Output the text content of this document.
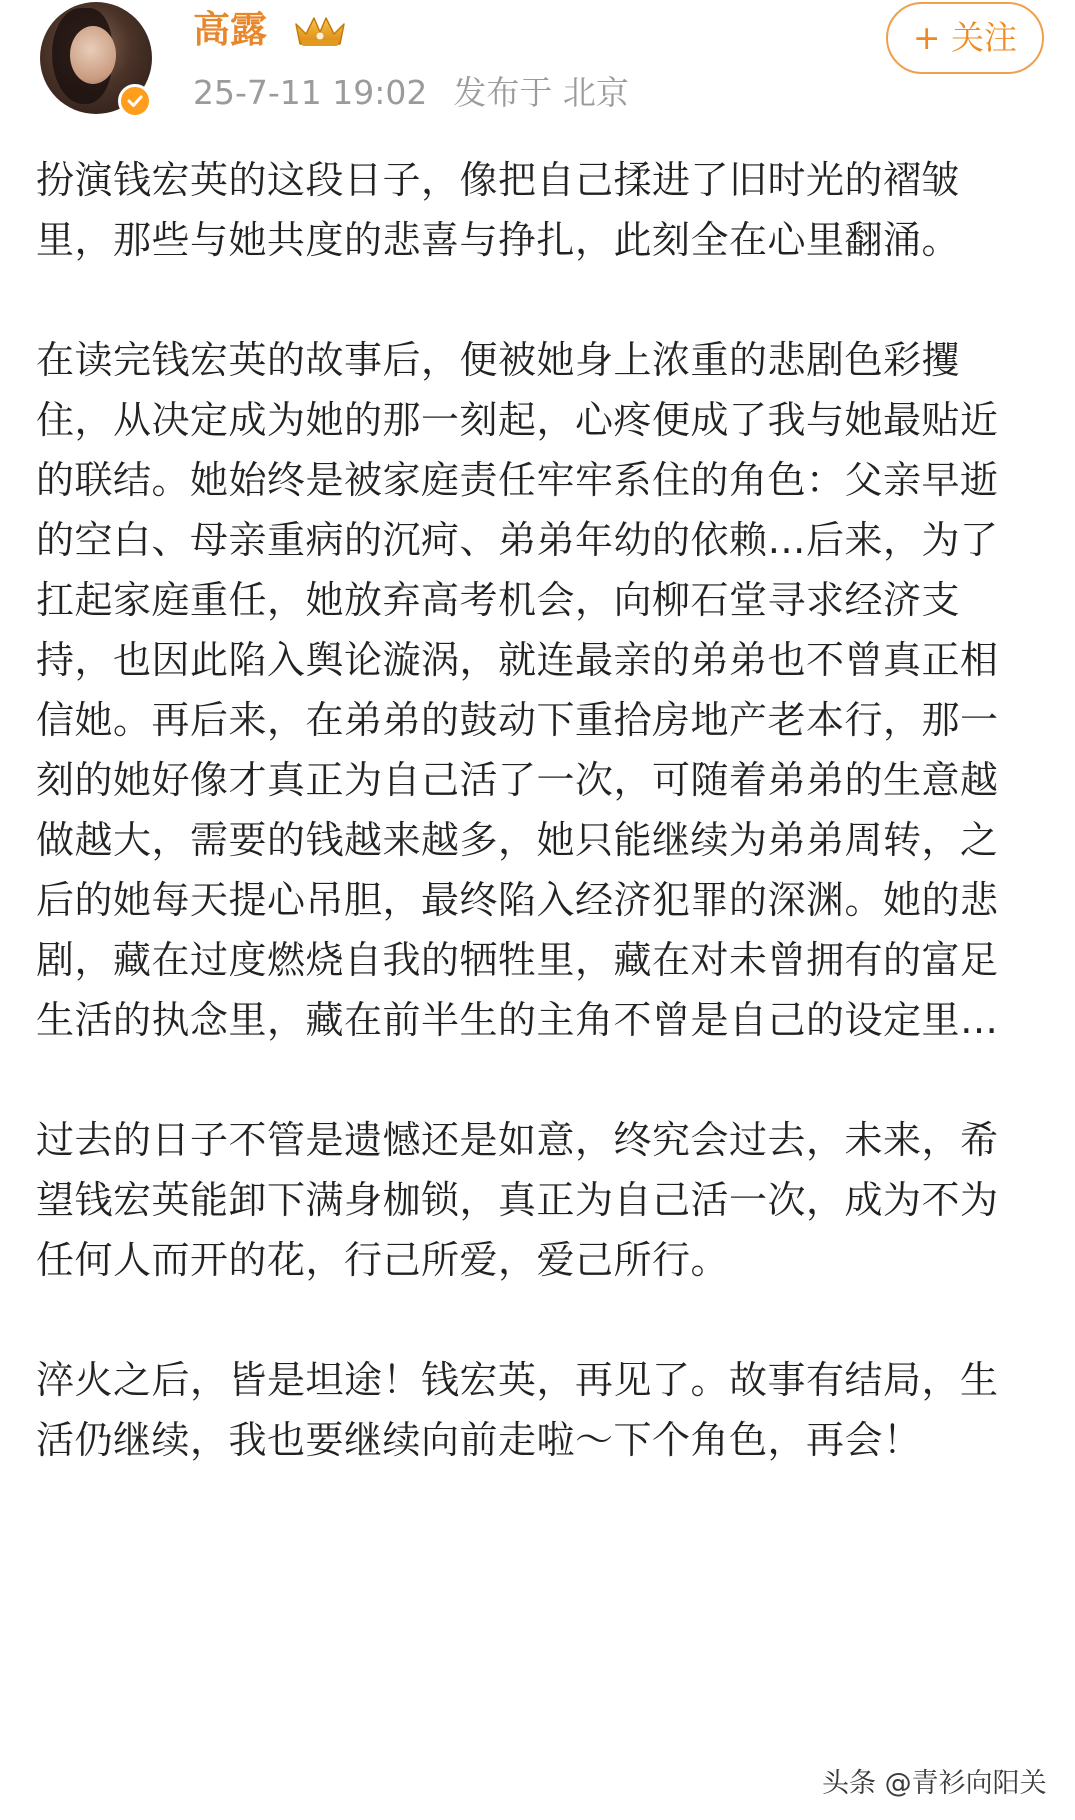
高露
25-7-11 19:02 发布于 北京
+ 关注

扮演钱宏英的这段日子，像把自己揉进了旧时光的褶皱里，那些与她共度的悲喜与挣扎，此刻全在心里翻涌。

在读完钱宏英的故事后，便被她身上浓重的悲剧色彩攫住，从决定成为她的那一刻起，心疼便成了我与她最贴近的联结。她始终是被家庭责任牢牢系住的角色：父亲早逝的空白、母亲重病的沉疴、弟弟年幼的依赖…后来，为了扛起家庭重任，她放弃高考机会，向柳石堂寻求经济支持，也因此陷入舆论漩涡，就连最亲的弟弟也不曾真正相信她。再后来，在弟弟的鼓动下重拾房地产老本行，那一刻的她好像才真正为自己活了一次，可随着弟弟的生意越做越大，需要的钱越来越多，她只能继续为弟弟周转，之后的她每天提心吊胆，最终陷入经济犯罪的深渊。她的悲剧，藏在过度燃烧自我的牺牲里，藏在对未曾拥有的富足生活的执念里，藏在前半生的主角不曾是自己的设定里…

过去的日子不管是遗憾还是如意，终究会过去，未来，希望钱宏英能卸下满身枷锁，真正为自己活一次，成为不为任何人而开的花，行己所爱，爱己所行。

淬火之后，皆是坦途！钱宏英，再见了。故事有结局，生活仍继续，我也要继续向前走啦～下个角色，再会！

头条 @青衫向阳关
